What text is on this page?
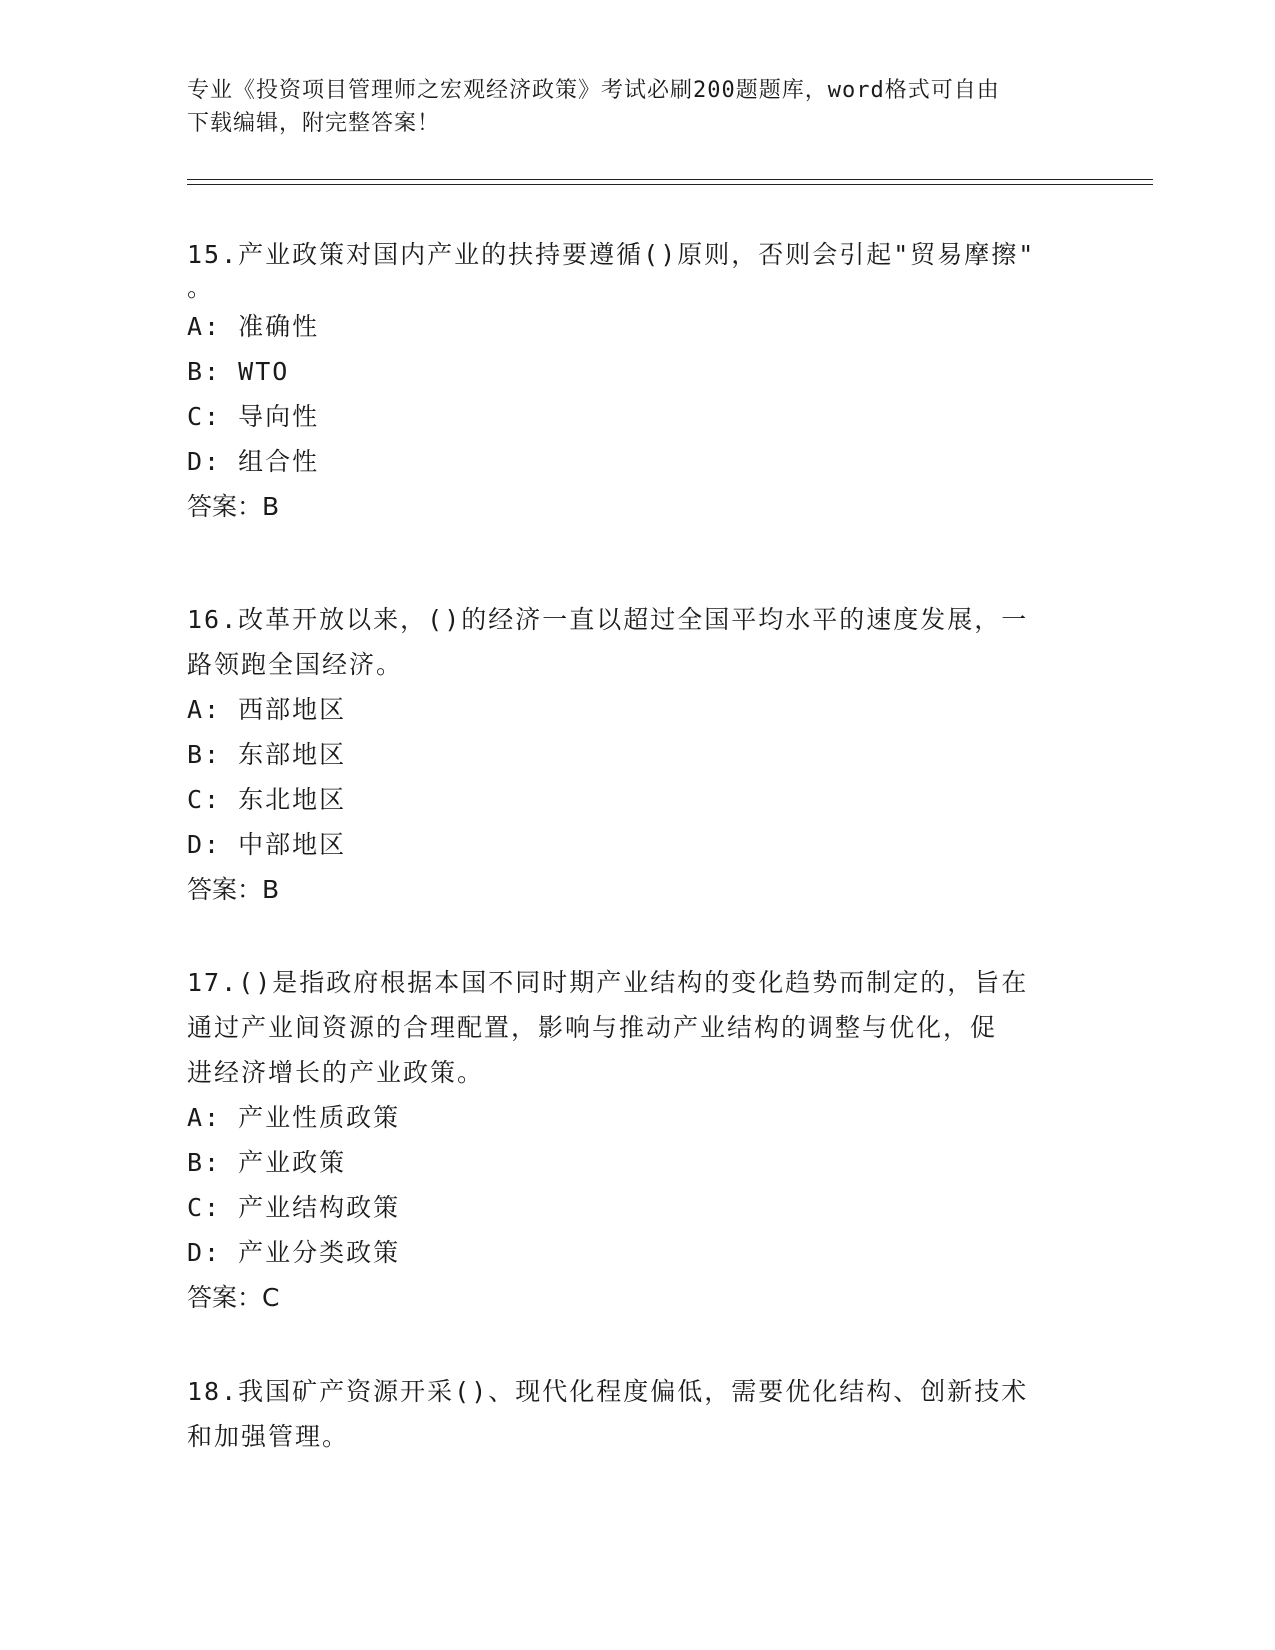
专业《投资项目管理师之宏观经济政策》考试必刷200题题库，word格式可自由
下载编辑，附完整答案！

15.产业政策对国内产业的扶持要遵循()原则，否则会引起"贸易摩擦"

。

A: 准确性

B: WTO

C: 导向性

D: 组合性

答案：B

16.改革开放以来，()的经济一直以超过全国平均水平的速度发展，一

路领跑全国经济。

A: 西部地区

B: 东部地区

C: 东北地区

D: 中部地区

答案：B

17.()是指政府根据本国不同时期产业结构的变化趋势而制定的，旨在

通过产业间资源的合理配置，影响与推动产业结构的调整与优化，促

进经济增长的产业政策。

A: 产业性质政策

B: 产业政策

C: 产业结构政策

D: 产业分类政策

答案：C

18.我国矿产资源开采()、现代化程度偏低，需要优化结构、创新技术

和加强管理。
